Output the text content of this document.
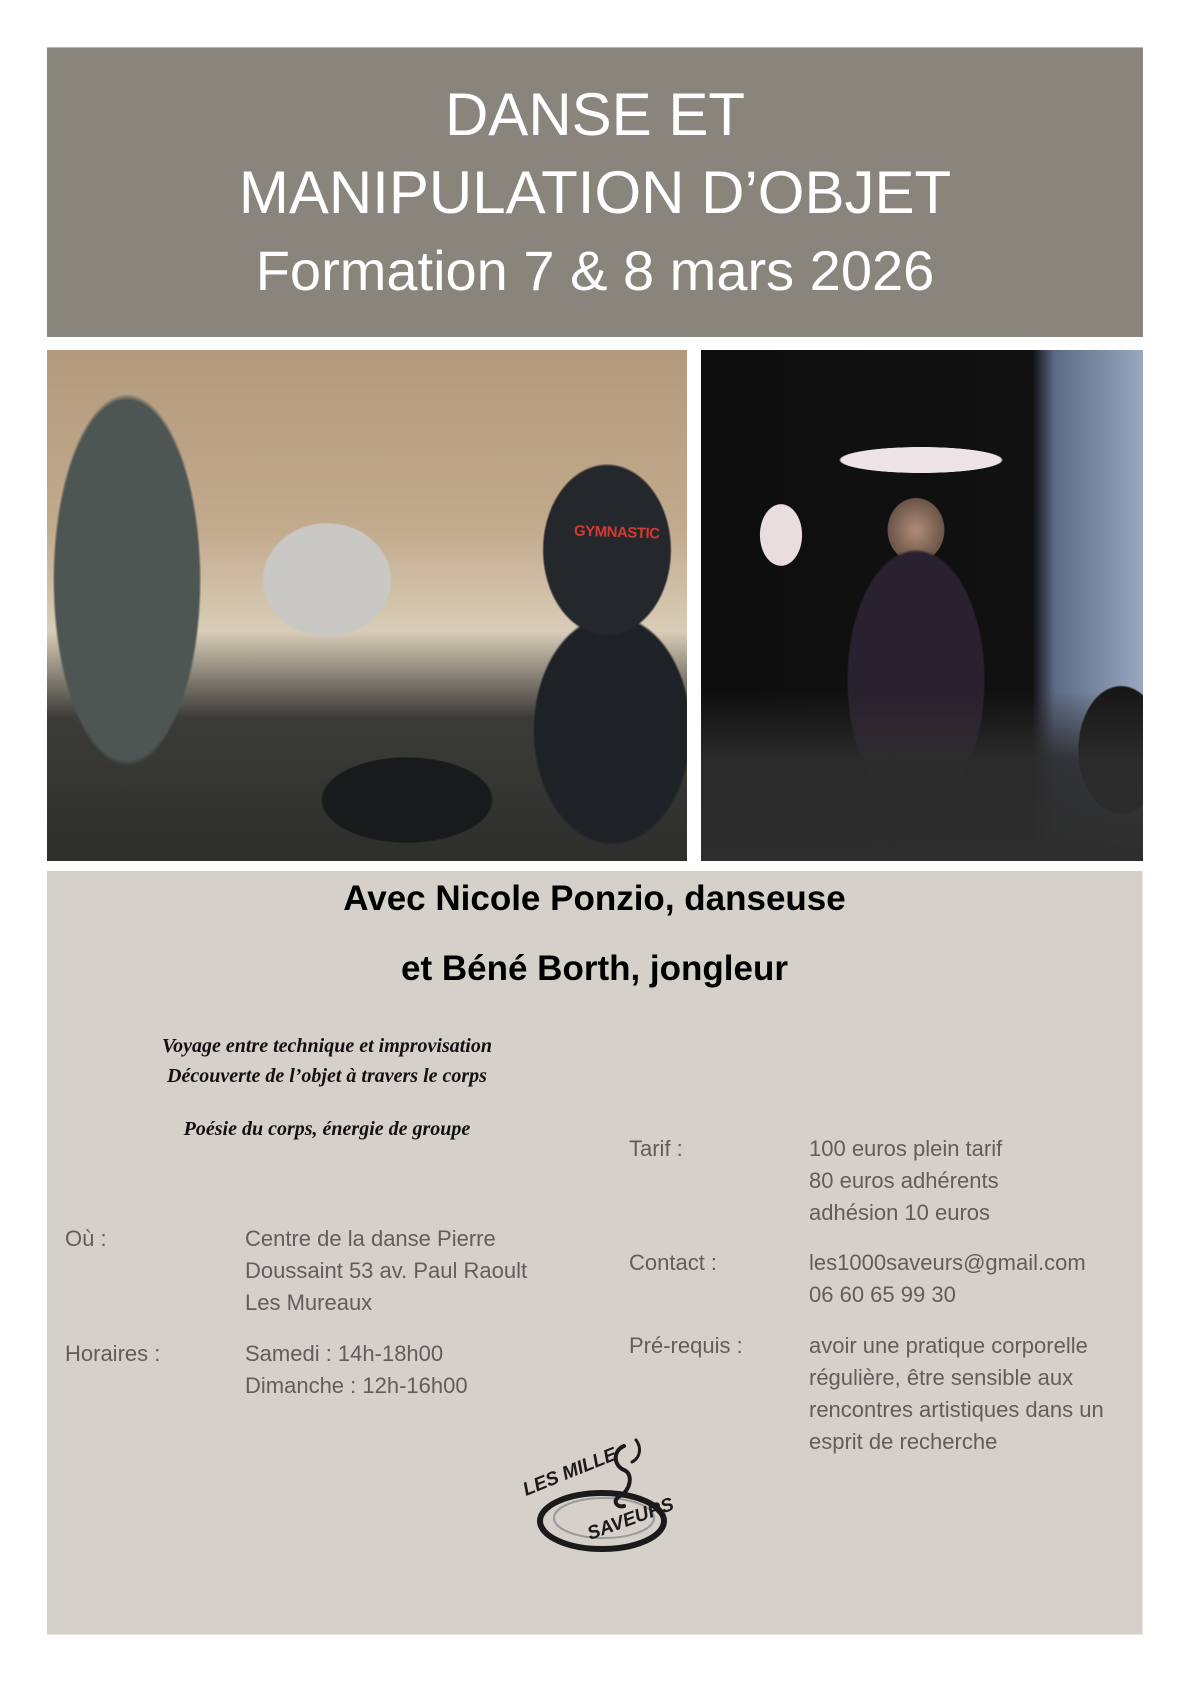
DANSE ET
MANIPULATION D’OBJET
Formation 7 & 8 mars 2026
GYMNASTIC
Avec Nicole Ponzio, danseuse
et Béné Borth, jongleur
Voyage entre technique et improvisation
Découverte de l’objet à travers le corps
Poésie du corps, énergie de groupe
Où :	Centre de la danse Pierre
Doussaint 53 av. Paul Raoult
Les Mureaux
Horaires :	Samedi : 14h-18h00
Dimanche : 12h-16h00
Tarif :	100 euros plein tarif
80 euros adhérents
adhésion 10 euros
Contact :	les1000saveurs@gmail.com
06 60 65 99 30
Pré-requis :	avoir une pratique corporelle
régulière, être sensible aux
rencontres artistiques dans un
esprit de recherche
LES MILLE
SAVEURS
